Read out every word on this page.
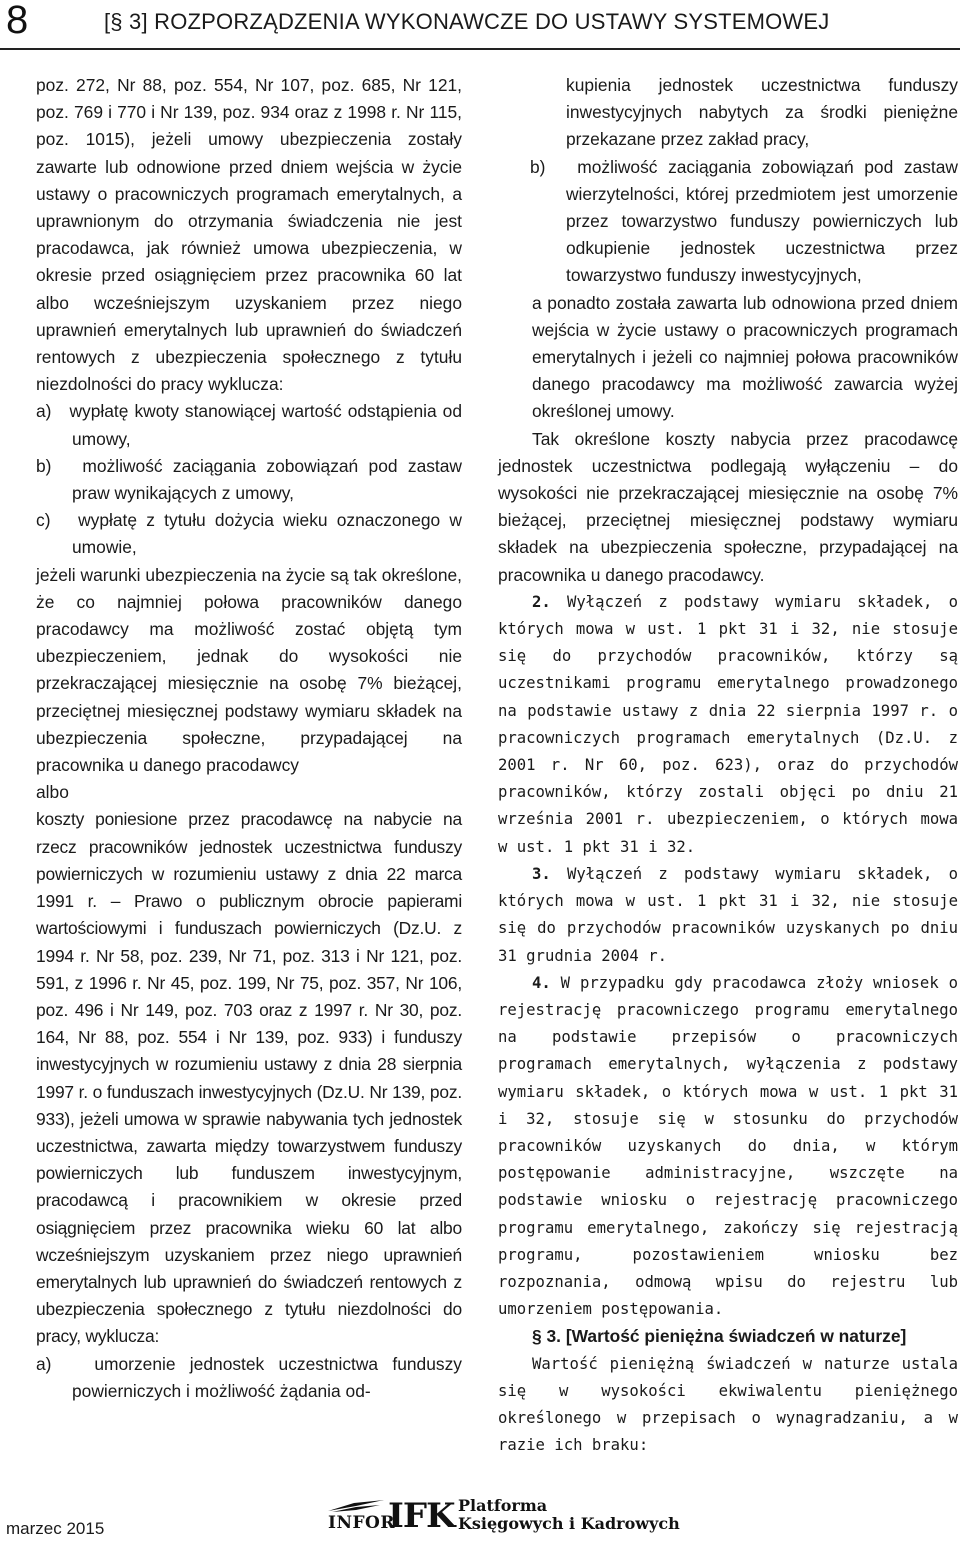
8	[§ 3] ROZPORZĄDZENIA WYKONAWCZE DO USTAWY SYSTEMOWEJ

poz. 272, Nr 88, poz. 554, Nr 107, poz. 685, Nr 121, poz. 769 i 770 i Nr 139, poz. 934 oraz z 1998 r. Nr 115, poz. 1015), jeżeli umowy ubezpieczenia zostały zawarte lub odnowione przed dniem wejścia w życie ustawy o pracowniczych programach emerytalnych, a uprawnionym do otrzymania świadczenia nie jest pracodawca, jak również umowa ubezpieczenia, w okresie przed osiągnięciem przez pracownika 60 lat albo wcześniejszym uzyskaniem przez niego uprawnień emerytalnych lub uprawnień do świadczeń rentowych z ubezpieczenia społecznego z tytułu niezdolności do pracy wyklucza:

a)   wypłatę kwoty stanowiącej wartość odstąpienia od umowy,

b)   możliwość zaciągania zobowiązań pod zastaw praw wynikających z umowy,

c)   wypłatę z tytułu dożycia wieku oznaczonego w umowie,

jeżeli warunki ubezpieczenia na życie są tak określone, że co najmniej połowa pracowników danego pracodawcy ma możliwość zostać objętą tym ubezpieczeniem, jednak do wysokości nie przekraczającej miesięcznie na osobę 7% bieżącej, przeciętnej miesięcznej podstawy wymiaru składek na ubezpieczenia społeczne, przypadającej na pracownika u danego pracodawcy

albo

koszty poniesione przez pracodawcę na nabycie na rzecz pracowników jednostek uczestnictwa funduszy powierniczych w rozumieniu ustawy z dnia 22 marca 1991 r. – Prawo o publicznym obrocie papierami wartościowymi i funduszach powierniczych (Dz.U. z 1994 r. Nr 58, poz. 239, Nr 71, poz. 313 i Nr 121, poz. 591, z 1996 r. Nr 45, poz. 199, Nr 75, poz. 357, Nr 106, poz. 496 i Nr 149, poz. 703 oraz z 1997 r. Nr 30, poz. 164, Nr 88, poz. 554 i Nr 139, poz. 933) i funduszy inwestycyjnych w rozumieniu ustawy z dnia 28 sierpnia 1997 r. o funduszach inwestycyjnych (Dz.U. Nr 139, poz. 933), jeżeli umowa w sprawie nabywania tych jednostek uczestnictwa, zawarta między towarzystwem funduszy powierniczych lub funduszem inwestycyjnym, pracodawcą i pracownikiem w okresie przed osiągnięciem przez pracownika wieku 60 lat albo wcześniejszym uzyskaniem przez niego uprawnień emerytalnych lub uprawnień do świadczeń rentowych z ubezpieczenia społecznego z tytułu niezdolności do pracy, wyklucza:

a)   umorzenie jednostek uczestnictwa funduszy powierniczych i możliwość żądania od-

kupienia jednostek uczestnictwa funduszy inwestycyjnych nabytych za środki pieniężne przekazane przez zakład pracy,

b)   możliwość zaciągania zobowiązań pod zastaw wierzytelności, której przedmiotem jest umorzenie przez towarzystwo funduszy powierniczych lub odkupienie jednostek uczestnictwa przez towarzystwo funduszy inwestycyjnych,

a ponadto została zawarta lub odnowiona przed dniem wejścia w życie ustawy o pracowniczych programach emerytalnych i jeżeli co najmniej połowa pracowników danego pracodawcy ma możliwość zawarcia wyżej określonej umowy.

Tak określone koszty nabycia przez pracodawcę jednostek uczestnictwa podlegają wyłączeniu – do wysokości nie przekraczającej miesięcznie na osobę 7% bieżącej, przeciętnej miesięcznej podstawy wymiaru składek na ubezpieczenia społeczne, przypadającej na pracownika u danego pracodawcy.

2. Wyłączeń z podstawy wymiaru składek, o których mowa w ust. 1 pkt 31 i 32, nie stosuje się do przychodów pracowników, którzy są uczestnikami programu emerytalnego prowadzonego na podstawie ustawy z dnia 22 sierpnia 1997 r. o pracowniczych programach emerytalnych (Dz.U. z 2001 r. Nr 60, poz. 623), oraz do przychodów pracowników, którzy zostali objęci po dniu 21 września 2001 r. ubezpieczeniem, o których mowa w ust. 1 pkt 31 i 32.

3. Wyłączeń z podstawy wymiaru składek, o których mowa w ust. 1 pkt 31 i 32, nie stosuje się do przychodów pracowników uzyskanych po dniu 31 grudnia 2004 r.

4. W przypadku gdy pracodawca złoży wniosek o rejestrację pracowniczego programu emerytalnego na podstawie przepisów o pracowniczych programach emerytalnych, wyłączenia z podstawy wymiaru składek, o których mowa w ust. 1 pkt 31 i 32, stosuje się w stosunku do przychodów pracowników uzyskanych do dnia, w którym postępowanie administracyjne, wszczęte na podstawie wniosku o rejestrację pracowniczego programu emerytalnego, zakończy się rejestracją programu, pozostawieniem wniosku bez rozpoznania, odmową wpisu do rejestru lub umorzeniem postępowania.

§ 3. [Wartość pieniężna świadczeń w naturze]

Wartość pieniężną świadczeń w naturze ustala się w wysokości ekwiwalentu pieniężnego określonego w przepisach o wynagradzaniu, a w razie ich braku:

marzec 2015	INFOR
IFK Platforma
Księgowych i Kadrowych
